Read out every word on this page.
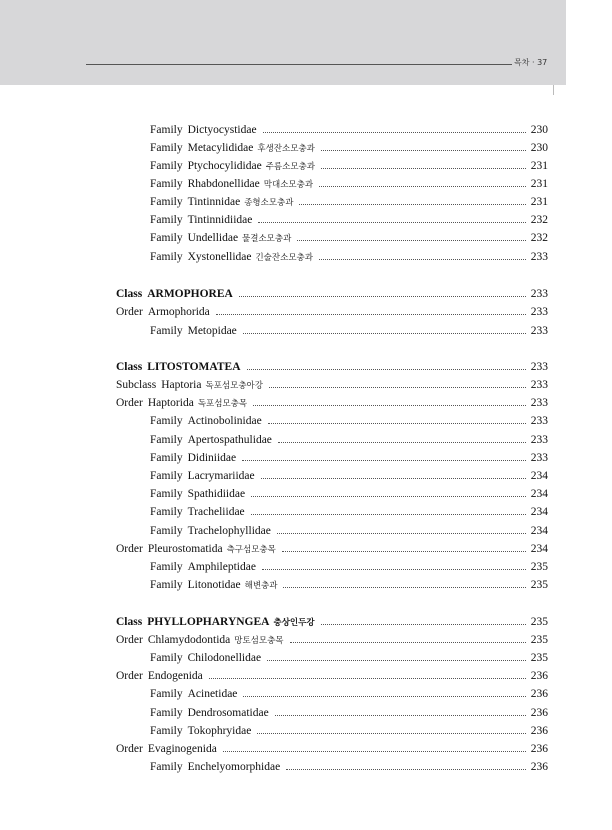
목차 · 37
Family Dictyocystidae	230
Family Metacylididae 후생잔소모충과	230
Family Ptychocylididae 주름소모충과	231
Family Rhabdonellidae 막대소모충과	231
Family Tintinnidae 종형소모충과	231
Family Tintinnidiidae	232
Family Undellidae 물결소모충과	232
Family Xystonellidae 긴술잔소모충과	233
Class ARMOPHOREA	233
Order Armophorida	233
Family Metopidae	233
Class LITOSTOMATEA	233
Subclass Haptoria 독포섬모충아강	233
Order Haptorida 독포섬모충목	233
Family Actinobolinidae	233
Family Apertospathulidae	233
Family Didiniidae	233
Family Lacrymariidae	234
Family Spathidiidae	234
Family Tracheliidae	234
Family Trachelophyllidae	234
Order Pleurostomatida 측구섬모충목	234
Family Amphileptidae	235
Family Litonotidae 해변충과	235
Class PHYLLOPHARYNGEA 충상인두강	235
Order Chlamydodontida 망토섬모충목	235
Family Chilodonellidae	235
Order Endogenida	236
Family Acinetidae	236
Family Dendrosomatidae	236
Family Tokophryidae	236
Order Evaginogenida	236
Family Enchelyomorphidae	236
